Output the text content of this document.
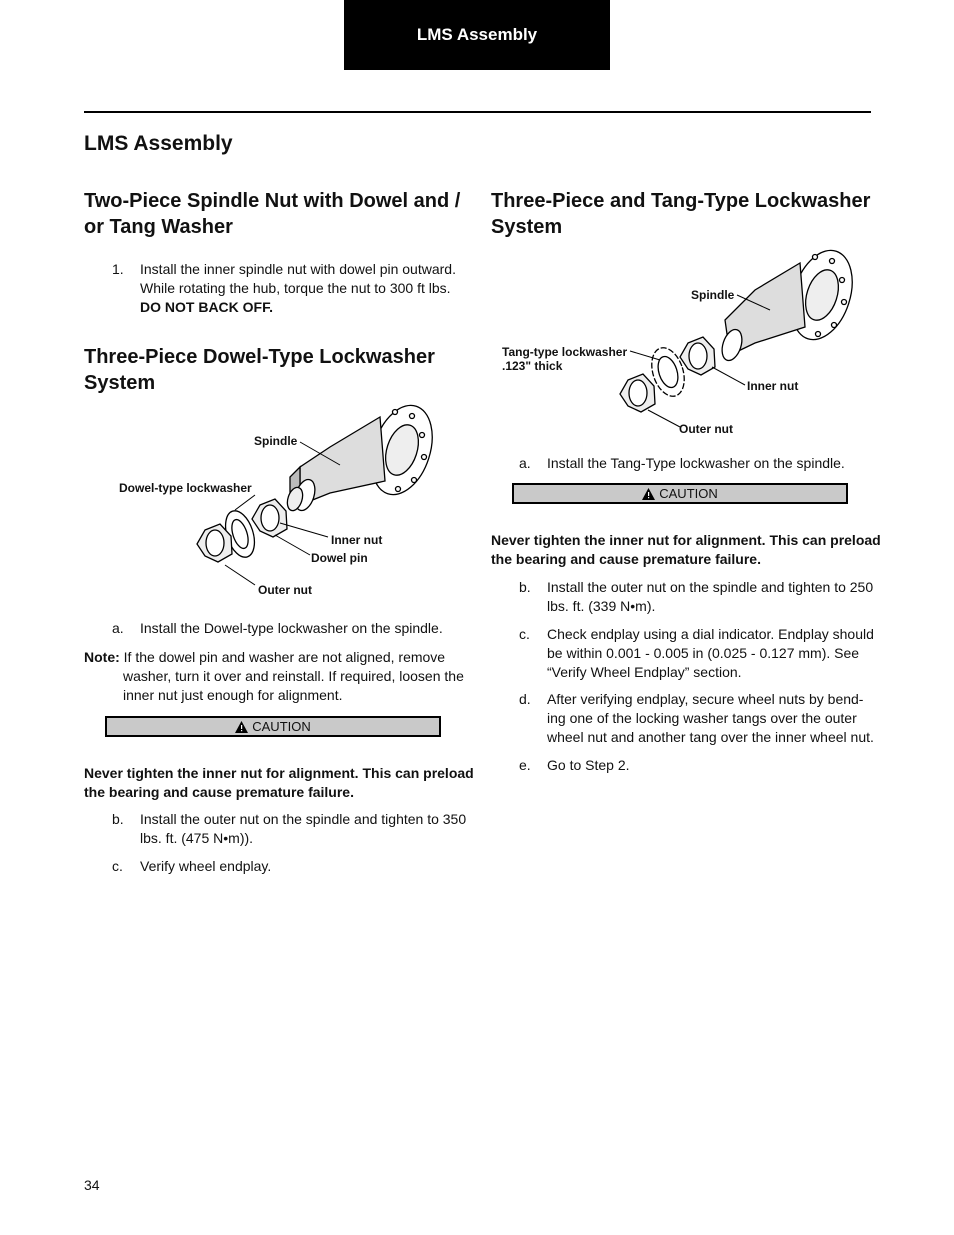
LMS Assembly
LMS Assembly
Two-Piece Spindle Nut with Dowel and / or Tang Washer
1. Install the inner spindle nut with dowel pin outward.
While rotating the hub, torque the nut to 300 ft lbs.
DO NOT BACK OFF.
Three-Piece Dowel-Type Lockwasher System
Spindle
Dowel-type lockwasher
Inner nut
Dowel pin
Outer nut
a. Install the Dowel-type lockwasher on the spindle.
Note: If the dowel pin and washer are not aligned, remove
washer, turn it over and reinstall. If required, loosen the
inner nut just enough for alignment.
CAUTION
Never tighten the inner nut for alignment. This can preload
the bearing and cause premature failure.
b. Install the outer nut on the spindle and tighten to 350
lbs. ft. (475 N•m)).
c. Verify wheel endplay.
Three-Piece and Tang-Type Lockwasher System
Spindle
Tang-type lockwasher
.123" thick
Inner nut
Outer nut
a. Install the Tang-Type lockwasher on the spindle.
CAUTION
Never tighten the inner nut for alignment. This can preload
the bearing and cause premature failure.
b. Install the outer nut on the spindle and tighten to 250
lbs. ft. (339 N•m).
c. Check endplay using a dial indicator. Endplay should
be within 0.001 - 0.005 in (0.025 - 0.127 mm). See
“Verify Wheel Endplay” section.
d. After verifying endplay, secure wheel nuts by bend-
ing one of the locking washer tangs over the outer
wheel nut and another tang over the inner wheel nut.
e. Go to Step 2.
34
